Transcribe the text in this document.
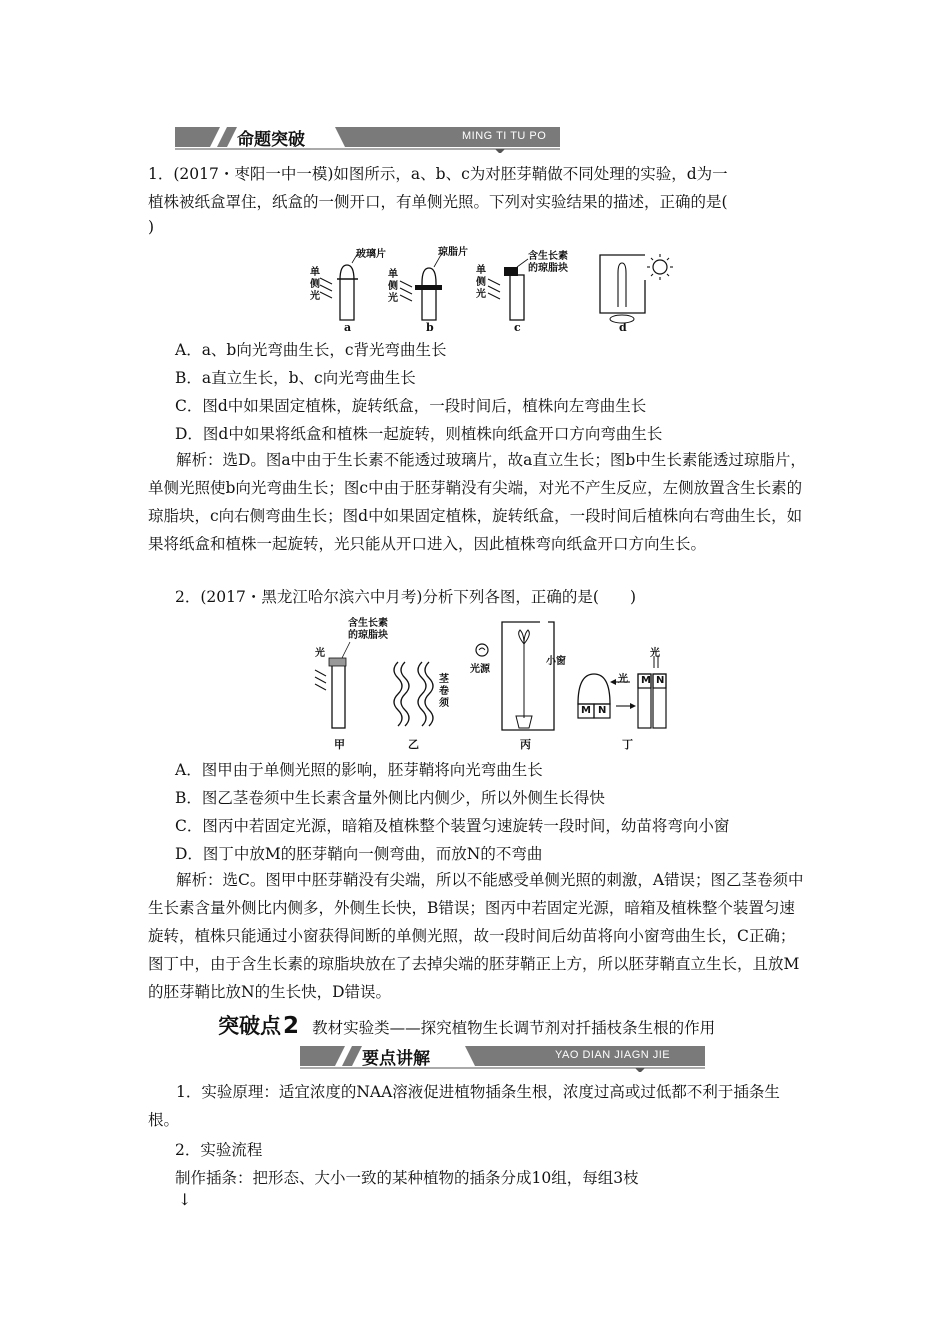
命题突破	MING TI TU PO
1．(2017・枣阳一中一模)如图所示，a、b、c为对胚芽鞘做不同处理的实验，d为一
植株被纸盒罩住，纸盒的一侧开口，有单侧光照。下列对实验结果的描述，正确的是(
)
单侧光
玻璃片	琼脂片
单侧光
含生长素
的琼脂块
单侧光
a	b	c	d
A．a、b向光弯曲生长，c背光弯曲生长
B．a直立生长，b、c向光弯曲生长
C．图d中如果固定植株，旋转纸盒，一段时间后，植株向左弯曲生长
D．图d中如果将纸盒和植株一起旋转，则植株向纸盒开口方向弯曲生长
解析：选D。图a中由于生长素不能透过玻璃片，故a直立生长；图b中生长素能透过琼脂片，单侧光照使b向光弯曲生长；图c中由于胚芽鞘没有尖端，对光不产生反应，左侧放置含生长素的琼脂块，c向右侧弯曲生长；图d中如果固定植株，旋转纸盒，一段时间后植株向右弯曲生长，如果将纸盒和植株一起旋转，光只能从开口进入，因此植株弯向纸盒开口方向生长。
2．(2017・黑龙江哈尔滨六中月考)分析下列各图，正确的是(　　)
含生长素
的琼脂块
光
茎卷须
光源
小窗
光
光
M N
M N
甲	乙	丙	丁
A．图甲由于单侧光照的影响，胚芽鞘将向光弯曲生长
B．图乙茎卷须中生长素含量外侧比内侧少，所以外侧生长得快
C．图丙中若固定光源，暗箱及植株整个装置匀速旋转一段时间，幼苗将弯向小窗
D．图丁中放M的胚芽鞘向一侧弯曲，而放N的不弯曲
解析：选C。图甲中胚芽鞘没有尖端，所以不能感受单侧光照的刺激，A错误；图乙茎卷须中生长素含量外侧比内侧多，外侧生长快，B错误；图丙中若固定光源，暗箱及植株整个装置匀速旋转，植株只能通过小窗获得间断的单侧光照，故一段时间后幼苗将向小窗弯曲生长，C正确；图丁中，由于含生长素的琼脂块放在了去掉尖端的胚芽鞘正上方，所以胚芽鞘直立生长，且放M的胚芽鞘比放N的生长快，D错误。
突破点2 教材实验类——探究植物生长调节剂对扦插枝条生根的作用
要点讲解	YAO DIAN JIAGN JIE
1．实验原理：适宜浓度的NAA溶液促进植物插条生根，浓度过高或过低都不利于插条生根。
2．实验流程
制作插条：把形态、大小一致的某种植物的插条分成10组，每组3枝
↓
